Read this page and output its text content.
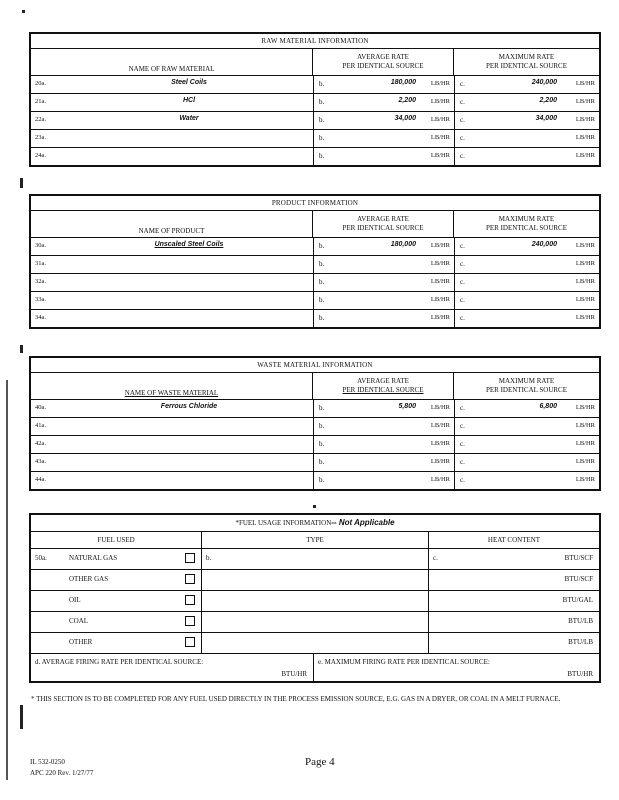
RAW MATERIAL INFORMATION
NAME OF RAW MATERIAL
AVERAGE RATE
PER IDENTICAL SOURCE
MAXIMUM RATE
PER IDENTICAL SOURCE
20a.	Steel Coils	b.	180,000 LB/HR c.	240,000	LB/HR
21a.	HCl	b.	2,200 LB/HR c.	2,200	LB/HR
22a.	Water	b.	34,000 LB/HR c.	34,000	LB/HR
23a.	b.	LB/HR c.	LB/HR
24a.	b.	LB/HR c.	LB/HR
PRODUCT INFORMATION
NAME OF PRODUCT
AVERAGE RATE
PER IDENTICAL SOURCE
MAXIMUM RATE
PER IDENTICAL SOURCE
30a.	Unscaled Steel Coils	b.	180,000 LB/HR c.	240,000	LB/HR
31a.	b.	LB/HR c.	LB/HR
32a.	b.	LB/HR c.	LB/HR
33a.	b.	LB/HR c.	LB/HR
34a.	b.	LB/HR c.	LB/HR
WASTE MATERIAL INFORMATION
NAME OF WASTE MATERIAL
AVERAGE RATE
PER IDENTICAL SOURCE
MAXIMUM RATE
PER IDENTICAL SOURCE
40a.	Ferrous Chloride	b.	5,800 LB/HR c.	6,800	LB/HR
41a.	b.	LB/HR c.	LB/HR
42a.	b.	LB/HR c.	LB/HR
43a.	b.	LB/HR c.	LB/HR
44a.	b.	LB/HR c.	LB/HR
*FUEL USAGE INFORMATION-- Not Applicable
FUEL USED	TYPE	HEAT CONTENT
50a.	NATURAL GAS	b.	c.	BTU/SCF
OTHER GAS	BTU/SCF
OIL	BTU/GAL
COAL	BTU/LB
OTHER	BTU/LB
d. AVERAGE FIRING RATE PER IDENTICAL SOURCE:
BTU/HR
e. MAXIMUM FIRING RATE PER IDENTICAL SOURCE:
BTU/HR
* THIS SECTION IS TO BE COMPLETED FOR ANY FUEL USED DIRECTLY IN THE PROCESS EMISSION SOURCE, E.G. GAS IN A DRYER, OR COAL IN A MELT FURNACE.
IL 532-0250
APC 220 Rev. 1/27/77
Page 4
